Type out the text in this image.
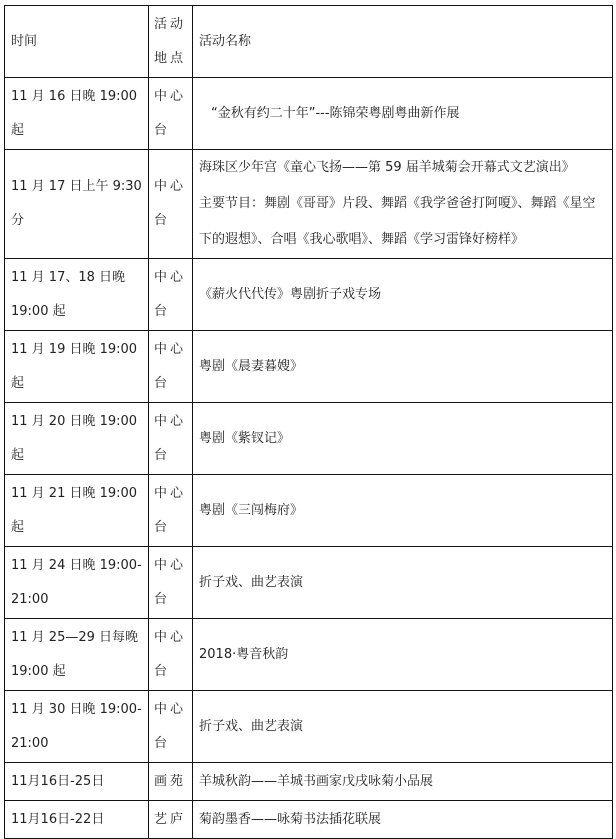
时间	活动地点	活动名称
11 月 16 日晚 19:00 起	中心台	“金秋有约二十年”---陈锦荣粤剧粤曲新作展
11 月 17 日上午 9:30 分	中心台	海珠区少年宫《童心飞扬——第 59 届羊城菊会开幕式文艺演出》
主要节目：舞剧《哥哥》片段、舞蹈《我学爸爸打阿嗄》、舞蹈《星空下的遐想》、合唱《我心歌唱》、舞蹈《学习雷锋好榜样》
11 月 17、18 日晚 19:00 起	中心台	《薪火代代传》粤剧折子戏专场
11 月 19 日晚 19:00 起	中心台	粤剧《晨妻暮嫂》
11 月 20 日晚 19:00 起	中心台	粤剧《紫钗记》
11 月 21 日晚 19:00 起	中心台	粤剧《三闯梅府》
11 月 24 日晚 19:00-21:00	中心台	折子戏、曲艺表演
11 月 25—29 日每晚 19:00 起	中心台	2018·粤音秋韵
11 月 30 日晚 19:00-21:00	中心台	折子戏、曲艺表演
11月16日-25日	画苑	羊城秋韵——羊城书画家戊戌咏菊小品展
11月16日-22日	艺庐	菊韵墨香——咏菊书法插花联展
